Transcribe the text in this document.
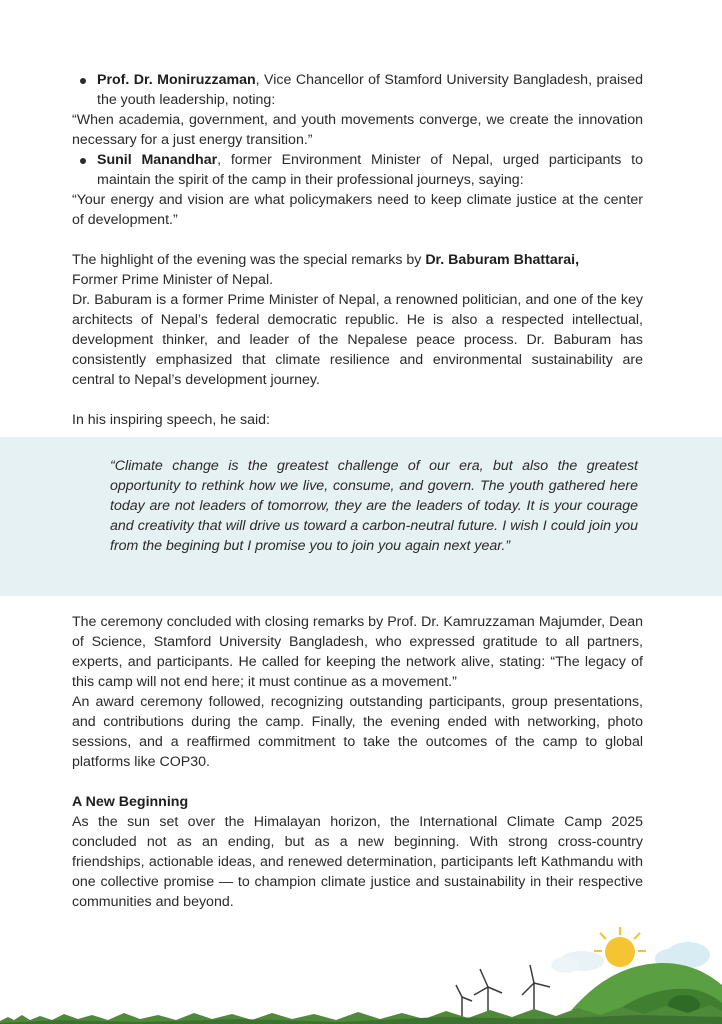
Prof. Dr. Moniruzzaman, Vice Chancellor of Stamford University Bangladesh, praised the youth leadership, noting:

“When academia, government, and youth movements converge, we create the innovation necessary for a just energy transition.”

Sunil Manandhar, former Environment Minister of Nepal, urged participants to maintain the spirit of the camp in their professional journeys, saying:

“Your energy and vision are what policymakers need to keep climate justice at the center of development.”

The highlight of the evening was the special remarks by Dr. Baburam Bhattarai,
Former Prime Minister of Nepal.

Dr. Baburam is a former Prime Minister of Nepal, a renowned politician, and one of the key architects of Nepal’s federal democratic republic. He is also a respected intellectual, development thinker, and leader of the Nepalese peace process. Dr. Baburam has consistently emphasized that climate resilience and environmental sustainability are central to Nepal’s development journey.

In his inspiring speech, he said:

“Climate change is the greatest challenge of our era, but also the greatest opportunity to rethink how we live, consume, and govern. The youth gathered here today are not leaders of tomorrow, they are the leaders of today. It is your courage and creativity that will drive us toward a carbon-neutral future. I wish I could join you from the begining but I promise you to join you again next year.”

The ceremony concluded with closing remarks by Prof. Dr. Kamruzzaman Majumder, Dean of Science, Stamford University Bangladesh, who expressed gratitude to all partners, experts, and participants. He called for keeping the network alive, stating: “The legacy of this camp will not end here; it must continue as a movement.”

An award ceremony followed, recognizing outstanding participants, group presentations, and contributions during the camp. Finally, the evening ended with networking, photo sessions, and a reaffirmed commitment to take the outcomes of the camp to global platforms like COP30.

A New Beginning

As the sun set over the Himalayan horizon, the International Climate Camp 2025 concluded not as an ending, but as a new beginning. With strong cross-country friendships, actionable ideas, and renewed determination, participants left Kathmandu with one collective promise — to champion climate justice and sustainability in their respective communities and beyond.
